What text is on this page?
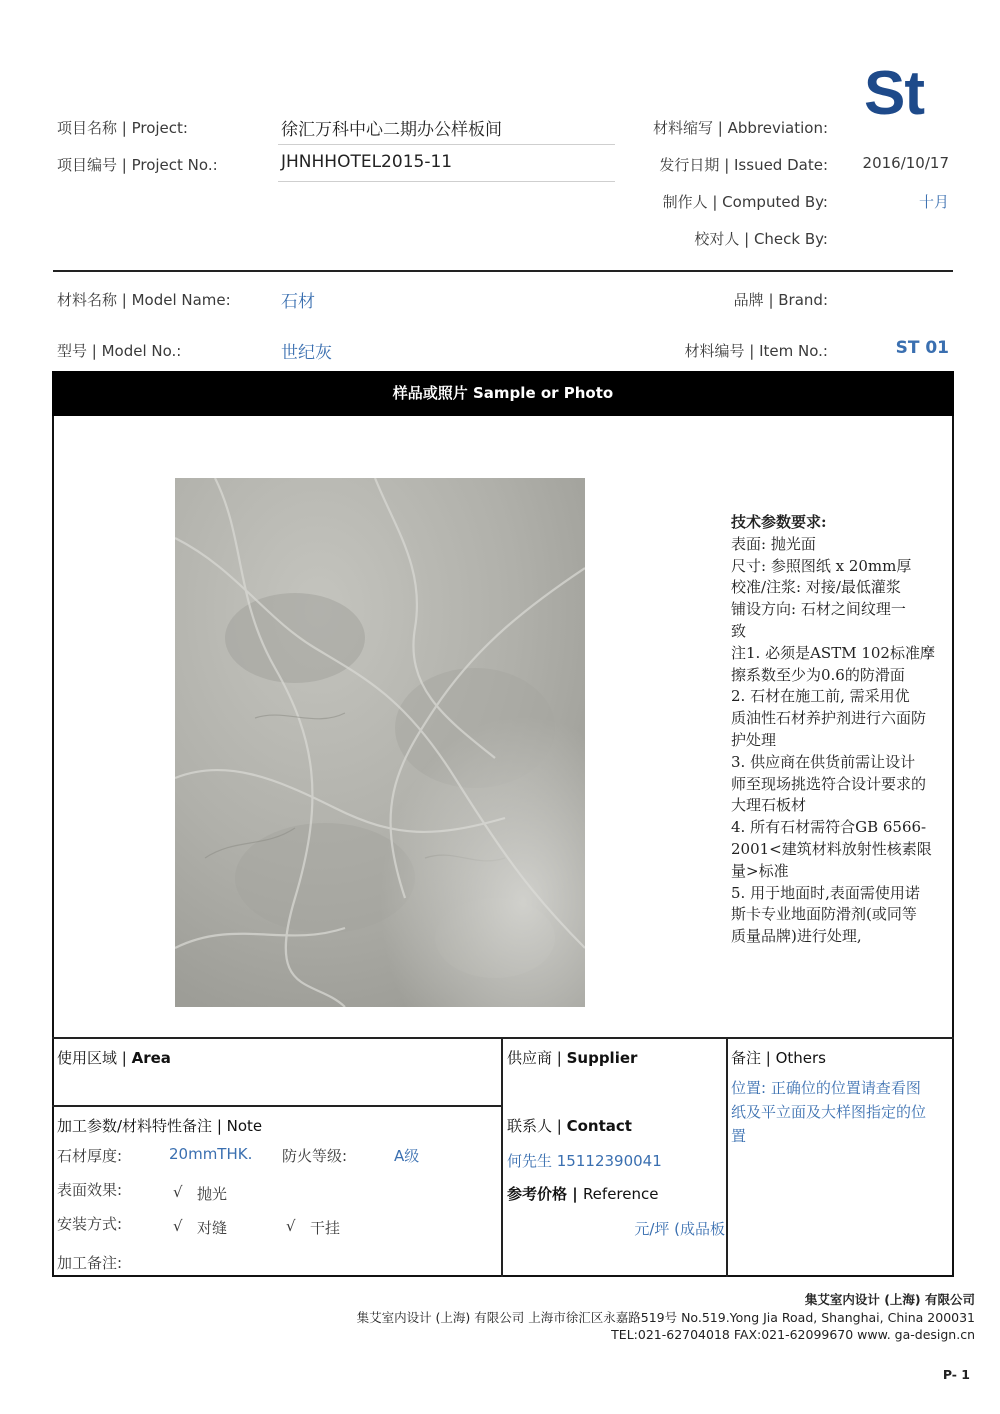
St
项目名称 | Project:	徐汇万科中心二期办公样板间
项目编号 | Project No.:	JHNHHOTEL2015-11
材料缩写 | Abbreviation:
发行日期 | Issued Date: 2016/10/17
制作人 | Computed By:	十月
校对人 | Check By:
材料名称 | Model Name:	石材	品牌 | Brand:
型号 | Model No.:	世纪灰	材料编号 | Item No.:	ST 01
样品或照片 Sample or Photo
技术参数要求:
表面: 抛光面
尺寸: 参照图纸 x 20mm厚
校准/注浆: 对接/最低灌浆
铺设方向: 石材之间纹理一
致
注1. 必须是ASTM 102标准摩
擦系数至少为0.6的防滑面
2. 石材在施工前, 需采用优
质油性石材养护剂进行六面防
护处理
3. 供应商在供货前需让设计
师至现场挑选符合设计要求的
大理石板材
4. 所有石材需符合GB 6566-
2001<建筑材料放射性核素限
量>标准
5. 用于地面时,表面需使用诺
斯卡专业地面防滑剂(或同等
质量品牌)进行处理,
使用区域 | Area
加工参数/材料特性备注 | Note
石材厚度:	20mmTHK. 防火等级:	A级
表面效果:	√ 抛光
安装方式:	√ 对缝	√ 干挂
加工备注:
供应商 | Supplier
联系人 | Contact
何先生 15112390041
参考价格 | Reference
元/坪 (成品板
备注 | Others
位置: 正确位的位置请查看图
纸及平立面及大样图指定的位
置
集艾室内设计 (上海) 有限公司
集艾室内设计 (上海) 有限公司 上海市徐汇区永嘉路519号 No.519.Yong Jia Road, Shanghai, China 200031
TEL:021-62704018 FAX:021-62099670 www. ga-design.cn
P- 1
